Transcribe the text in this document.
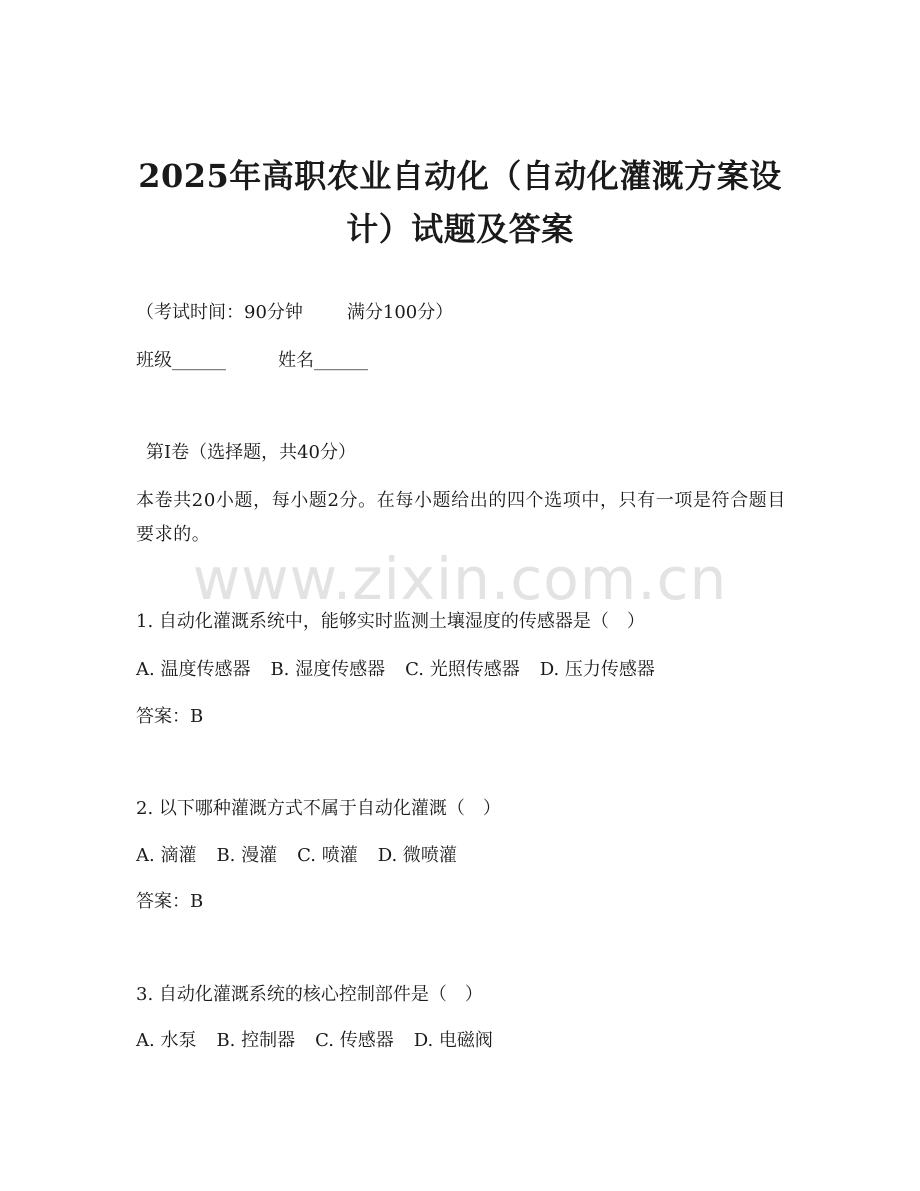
www.zixin.com.cn
2025年高职农业自动化（自动化灌溉方案设计）试题及答案
（考试时间：90分钟 满分100分）
班级______	姓名______
第I卷（选择题，共40分）
本卷共20小题，每小题2分。在每小题给出的四个选项中，只有一项是符合题目要求的。
1. 自动化灌溉系统中，能够实时监测土壤湿度的传感器是（　）
A. 温度传感器 B. 湿度传感器 C. 光照传感器 D. 压力传感器
答案：B
2. 以下哪种灌溉方式不属于自动化灌溉（　）
A. 滴灌 B. 漫灌 C. 喷灌 D. 微喷灌
答案：B
3. 自动化灌溉系统的核心控制部件是（　）
A. 水泵 B. 控制器 C. 传感器 D. 电磁阀
